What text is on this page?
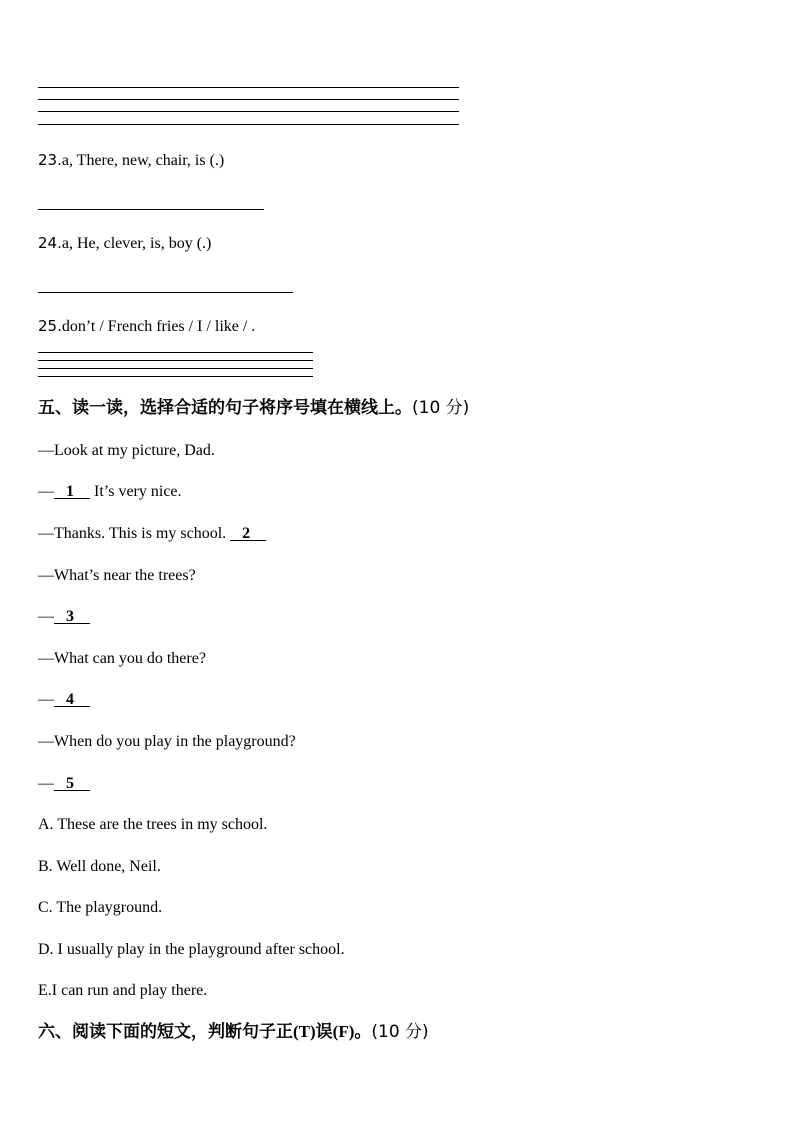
23.a, There, new, chair, is (.)
24.a, He, clever, is, boy (.)
25.don’t / French fries / I / like / .
五、读一读，选择合适的句子将序号填在横线上。(10 分)
—Look at my picture, Dad.
— 1     It’s very nice.
—Thanks. This is my school.    2
—What’s near the trees?
— 3
—What can you do there?
— 4
—When do you play in the playground?
— 5
A. These are the trees in my school.
B. Well done, Neil.
C. The playground.
D. I usually play in the playground after school.
E.I can run and play there.
六、阅读下面的短文，判断句子正(T)误(F)。(10 分)
